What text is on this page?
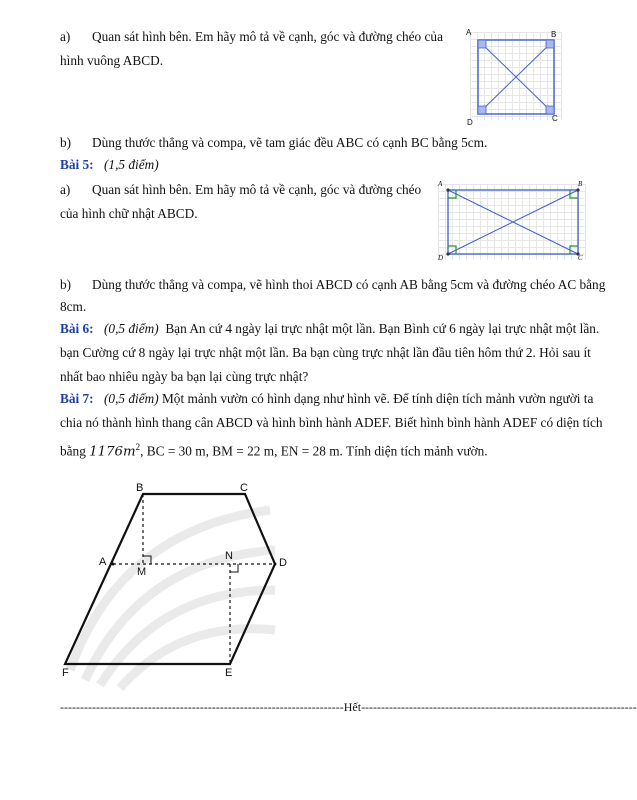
a) Quan sát hình bên. Em hãy mô tả về cạnh, góc và đường chéo của
hình vuông ABCD.
A	B
C
D
b) Dùng thước thẳng và compa, vẽ tam giác đều ABC có cạnh BC bằng 5cm.
Bài 5: (1,5 điểm)
a) Quan sát hình bên. Em hãy mô tả về cạnh, góc và đường chéo
của hình chữ nhật ABCD.
A	B
C
D
b) Dùng thước thẳng và compa, vẽ hình thoi ABCD có cạnh AB bằng 5cm và đường chéo AC bằng
8cm.
Bài 6: (0,5 điểm) Bạn An cứ 4 ngày lại trực nhật một lần. Bạn Bình cứ 6 ngày lại trực nhật một lần.
bạn Cường cứ 8 ngày lại trực nhật một lần. Ba bạn cùng trực nhật lần đầu tiên hôm thứ 2. Hỏi sau ít
nhất bao nhiêu ngày ba bạn lại cùng trực nhật?
Bài 7: (0,5 điểm) Một mảnh vườn có hình dạng như hình vẽ. Để tính diện tích mảnh vườn người ta
chia nó thành hình thang cân ABCD và hình bình hành ADEF. Biết hình bình hành ADEF có diện tích
bằng $1176m^2$, BC = 30 m, BM = 22 m, EN = 28 m. Tính diện tích mảnh vườn.
B	C
A
M
N
D
E
F
-----------------------------------------------------------------------Hết---------------------------------------------------------------------
